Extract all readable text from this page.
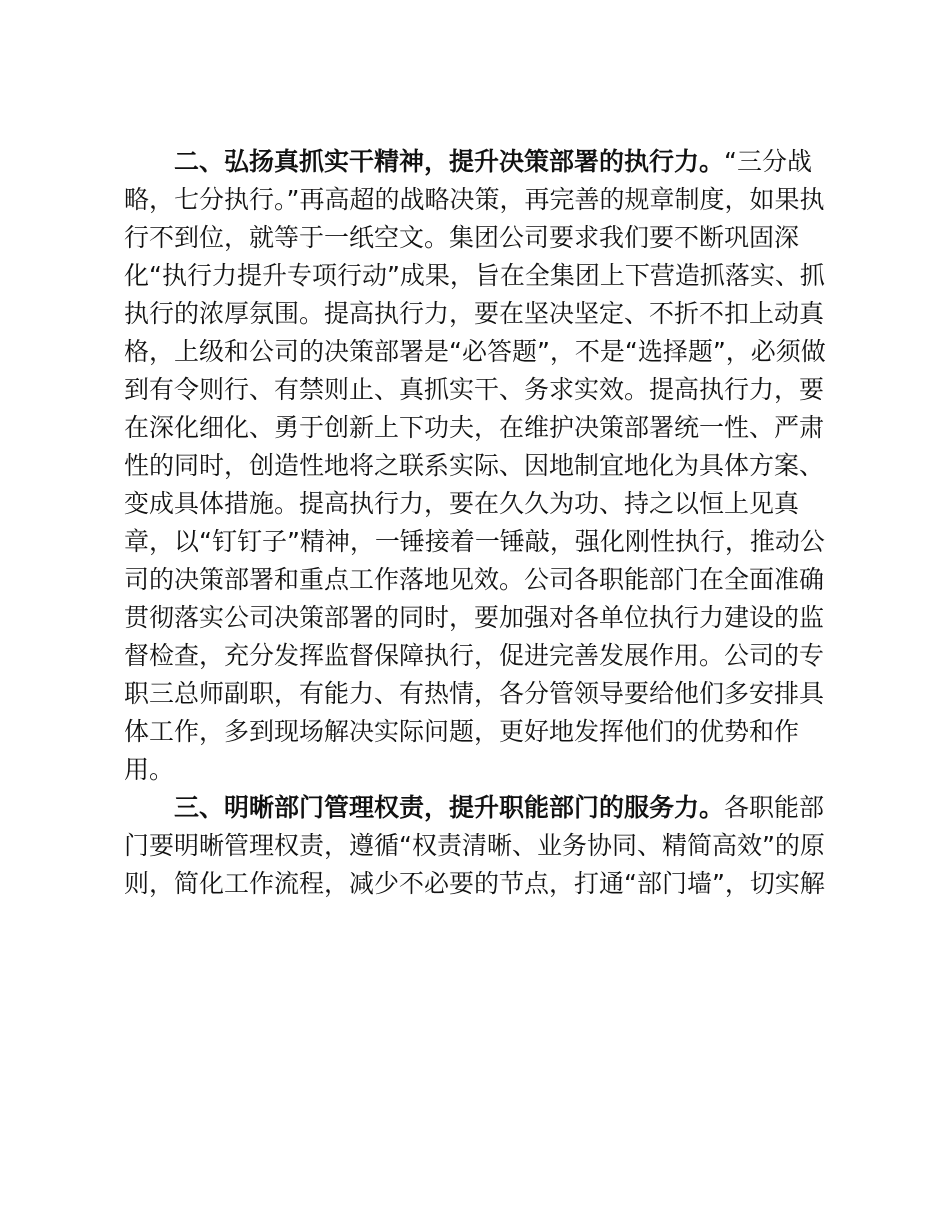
二、弘扬真抓实干精神，提升决策部署的执行力。“三分战
略，七分执行。”再高超的战略决策，再完善的规章制度，如果执
行不到位，就等于一纸空文。集团公司要求我们要不断巩固深
化“执行力提升专项行动”成果，旨在全集团上下营造抓落实、抓
执行的浓厚氛围。提高执行力，要在坚决坚定、不折不扣上动真
格，上级和公司的决策部署是“必答题”，不是“选择题”，必须做
到有令则行、有禁则止、真抓实干、务求实效。提高执行力，要
在深化细化、勇于创新上下功夫，在维护决策部署统一性、严肃
性的同时，创造性地将之联系实际、因地制宜地化为具体方案、
变成具体措施。提高执行力，要在久久为功、持之以恒上见真
章，以“钉钉子”精神，一锤接着一锤敲，强化刚性执行，推动公
司的决策部署和重点工作落地见效。公司各职能部门在全面准确
贯彻落实公司决策部署的同时，要加强对各单位执行力建设的监
督检查，充分发挥监督保障执行，促进完善发展作用。公司的专
职三总师副职，有能力、有热情，各分管领导要给他们多安排具
体工作，多到现场解决实际问题，更好地发挥他们的优势和作
用。
三、明晰部门管理权责，提升职能部门的服务力。各职能部
门要明晰管理权责，遵循“权责清晰、业务协同、精简高效”的原
则，简化工作流程，减少不必要的节点，打通“部门墙”，切实解
